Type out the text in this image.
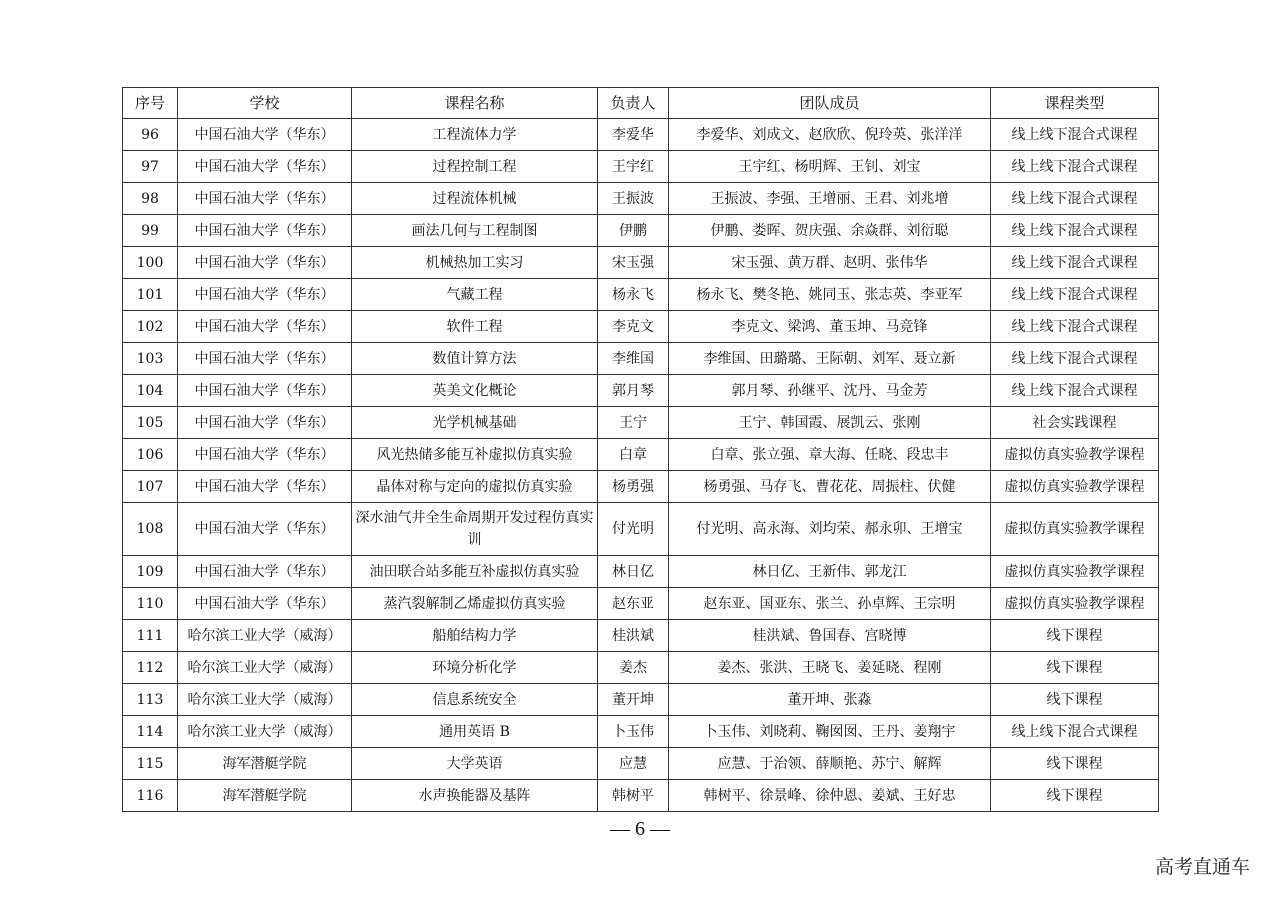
序号	学校	课程名称	负责人	团队成员	课程类型
96	中国石油大学（华东）	工程流体力学	李爱华	李爱华、刘成文、赵欣欣、倪玲英、张洋洋	线上线下混合式课程
97	中国石油大学（华东）	过程控制工程	王宇红	王宇红、杨明辉、王钊、刘宝	线上线下混合式课程
98	中国石油大学（华东）	过程流体机械	王振波	王振波、李强、王增丽、王君、刘兆增	线上线下混合式课程
99	中国石油大学（华东）	画法几何与工程制图	伊鹏	伊鹏、娄晖、贺庆强、余焱群、刘衍聪	线上线下混合式课程
100	中国石油大学（华东）	机械热加工实习	宋玉强	宋玉强、黄万群、赵明、张伟华	线上线下混合式课程
101	中国石油大学（华东）	气藏工程	杨永飞	杨永飞、樊冬艳、姚同玉、张志英、李亚军	线上线下混合式课程
102	中国石油大学（华东）	软件工程	李克文	李克文、梁鸿、董玉坤、马竞锋	线上线下混合式课程
103	中国石油大学（华东）	数值计算方法	李维国	李维国、田璐璐、王际朝、刘军、聂立新	线上线下混合式课程
104	中国石油大学（华东）	英美文化概论	郭月琴	郭月琴、孙继平、沈丹、马金芳	线上线下混合式课程
105	中国石油大学（华东）	光学机械基础	王宁	王宁、韩国霞、展凯云、张刚	社会实践课程
106	中国石油大学（华东）	风光热储多能互补虚拟仿真实验	白章	白章、张立强、章大海、任晓、段忠丰	虚拟仿真实验教学课程
107	中国石油大学（华东）	晶体对称与定向的虚拟仿真实验	杨勇强	杨勇强、马存飞、曹花花、周振柱、伏健	虚拟仿真实验教学课程
108	中国石油大学（华东）	深水油气井全生命周期开发过程仿真实训	付光明	付光明、高永海、刘均荣、郝永卯、王增宝	虚拟仿真实验教学课程
109	中国石油大学（华东）	油田联合站多能互补虚拟仿真实验	林日亿	林日亿、王新伟、郭龙江	虚拟仿真实验教学课程
110	中国石油大学（华东）	蒸汽裂解制乙烯虚拟仿真实验	赵东亚	赵东亚、国亚东、张兰、孙卓辉、王宗明	虚拟仿真实验教学课程
111	哈尔滨工业大学（威海）	船舶结构力学	桂洪斌	桂洪斌、鲁国春、宫晓博	线下课程
112	哈尔滨工业大学（威海）	环境分析化学	姜杰	姜杰、张洪、王晓飞、姜延晓、程刚	线下课程
113	哈尔滨工业大学（威海）	信息系统安全	董开坤	董开坤、张淼	线下课程
114	哈尔滨工业大学（威海）	通用英语 B	卜玉伟	卜玉伟、刘晓莉、鞠囡囡、王丹、姜翔宇	线上线下混合式课程
115	海军潜艇学院	大学英语	应慧	应慧、于治领、薛顺艳、苏宁、解辉	线下课程
116	海军潜艇学院	水声换能器及基阵	韩树平	韩树平、徐景峰、徐仲恩、姜斌、王好忠	线下课程
— 6 —
高考直通车
